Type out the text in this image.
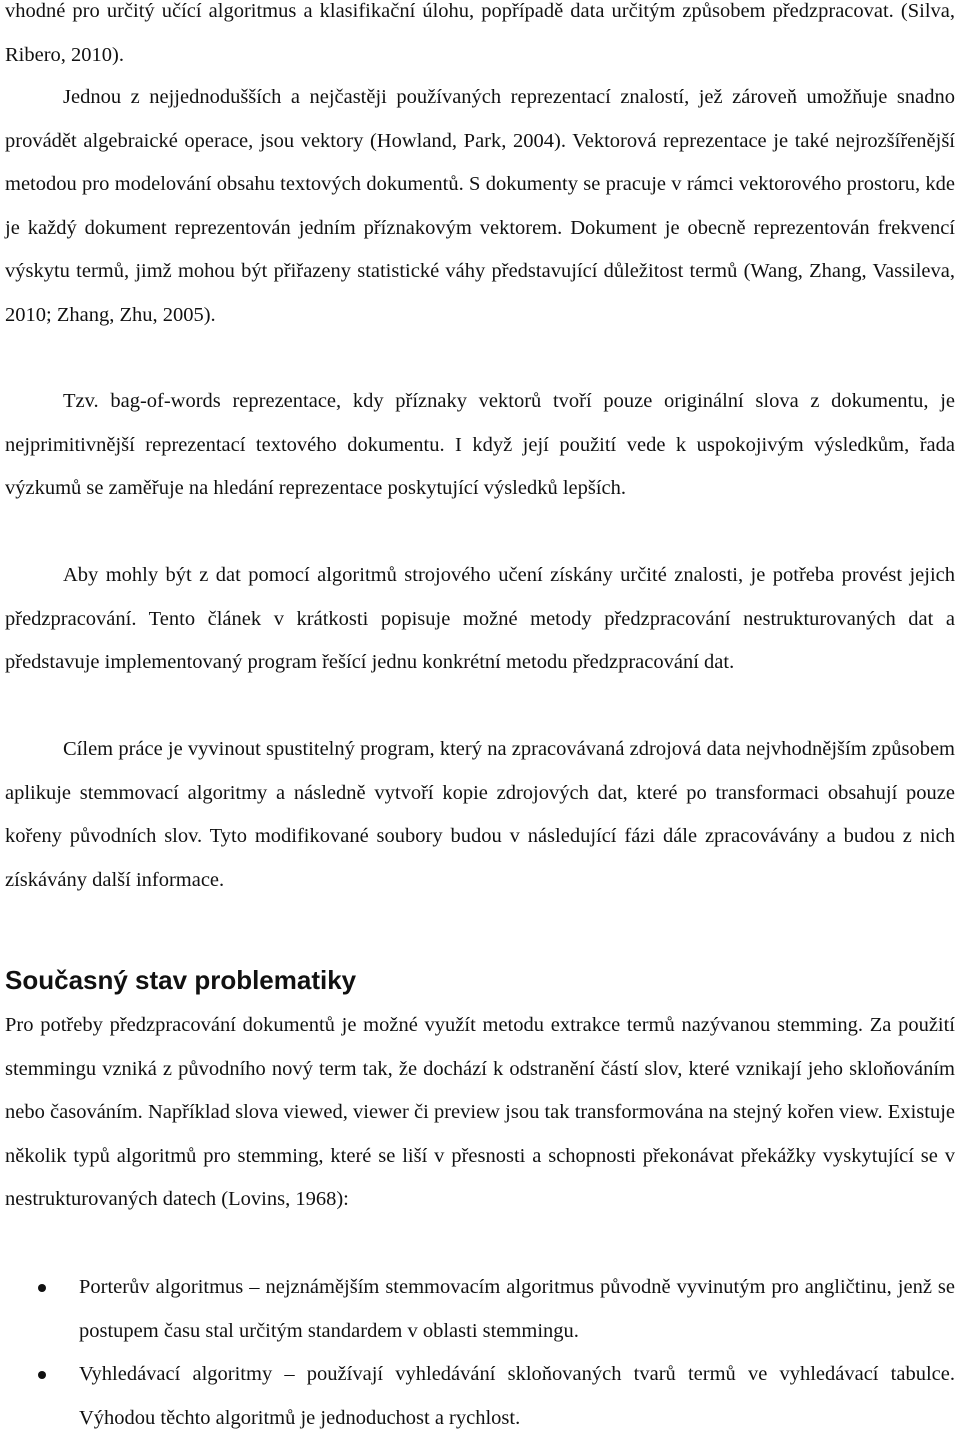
vhodné pro určitý učící algoritmus a klasifikační úlohu, popřípadě data určitým způsobem předzpracovat. (Silva, Ribero, 2010).

Jednou z nejjednodušších a nejčastěji používaných reprezentací znalostí, jež zároveň umožňuje snadno provádět algebraické operace, jsou vektory (Howland, Park, 2004). Vektorová reprezentace je také nejrozšířenější metodou pro modelování obsahu textových dokumentů. S dokumenty se pracuje v rámci vektorového prostoru, kde je každý dokument reprezentován jedním příznakovým vektorem. Dokument je obecně reprezentován frekvencí výskytu termů, jimž mohou být přiřazeny statistické váhy představující důležitost termů (Wang, Zhang, Vassileva, 2010; Zhang, Zhu, 2005).

Tzv. bag-of-words reprezentace, kdy příznaky vektorů tvoří pouze originální slova z dokumentu, je nejprimitivnější reprezentací textového dokumentu. I když její použití vede k uspokojivým výsledkům, řada výzkumů se zaměřuje na hledání reprezentace poskytující výsledků lepších.

Aby mohly být z dat pomocí algoritmů strojového učení získány určité znalosti, je potřeba provést jejich předzpracování. Tento článek v krátkosti popisuje možné metody předzpracování nestrukturovaných dat a představuje implementovaný program řešící jednu konkrétní metodu předzpracování dat.

Cílem práce je vyvinout spustitelný program, který na zpracovávaná zdrojová data nejvhodnějším způsobem aplikuje stemmovací algoritmy a následně vytvoří kopie zdrojových dat, které po transformaci obsahují pouze kořeny původních slov. Tyto modifikované soubory budou v následující fázi dále zpracovávány a budou z nich získávány další informace.

Současný stav problematiky

Pro potřeby předzpracování dokumentů je možné využít metodu extrakce termů nazývanou stemming. Za použití stemmingu vzniká z původního nový term tak, že dochází k odstranění částí slov, které vznikají jeho skloňováním nebo časováním. Například slova viewed, viewer či preview jsou tak transformována na stejný kořen view. Existuje několik typů algoritmů pro stemming, které se liší v přesnosti a schopnosti překonávat překážky vyskytující se v nestrukturovaných datech (Lovins, 1968):

Porterův algoritmus – nejznámějším stemmovacím algoritmus původně vyvinutým pro angličtinu, jenž se postupem času stal určitým standardem v oblasti stemmingu.
Vyhledávací algoritmy – používají vyhledávání skloňovaných tvarů termů ve vyhledávací tabulce. Výhodou těchto algoritmů je jednoduchost a rychlost.
